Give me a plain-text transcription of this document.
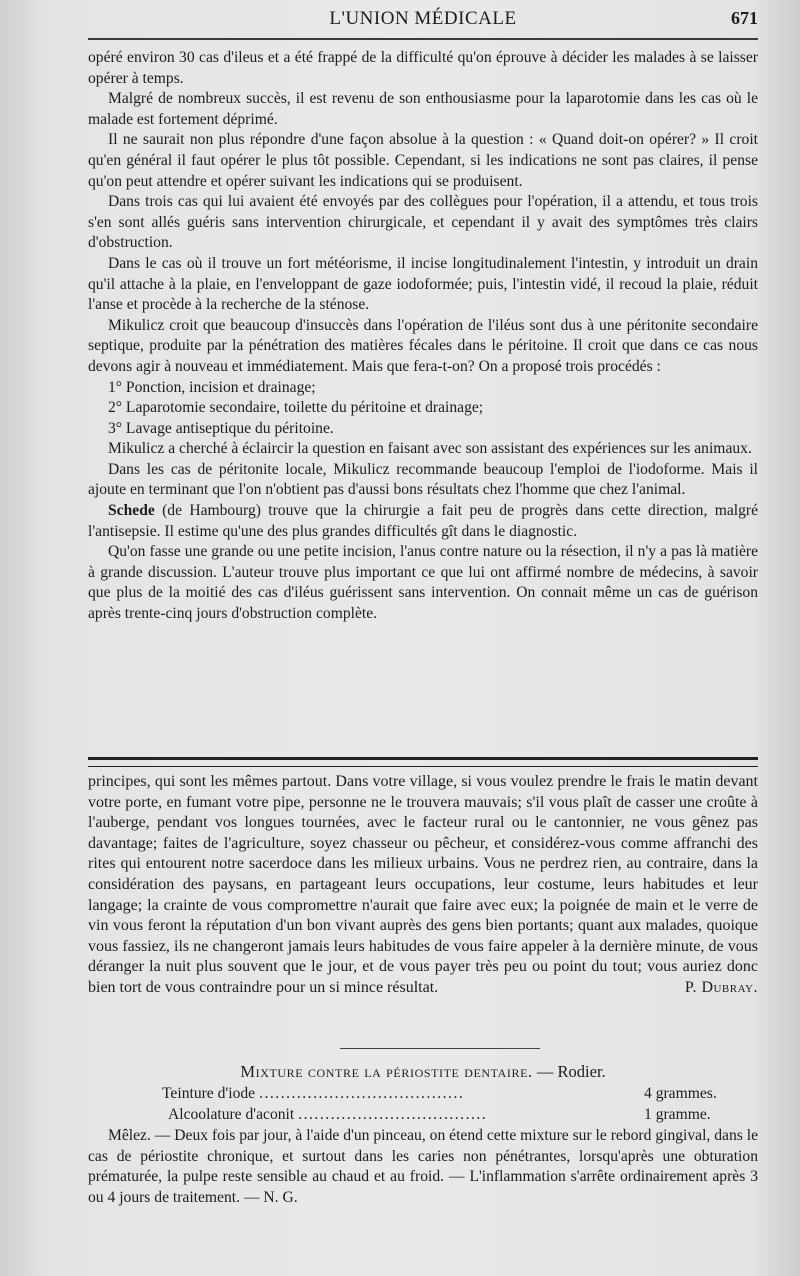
L'UNION MÉDICALE	671

opéré environ 30 cas d'ileus et a été frappé de la difficulté qu'on éprouve à décider les malades à se laisser opérer à temps.

Malgré de nombreux succès, il est revenu de son enthousiasme pour la laparotomie dans les cas où le malade est fortement déprimé.

Il ne saurait non plus répondre d'une façon absolue à la question : « Quand doit-on opérer? » Il croit qu'en général il faut opérer le plus tôt possible. Cependant, si les indications ne sont pas claires, il pense qu'on peut attendre et opérer suivant les indications qui se produisent.

Dans trois cas qui lui avaient été envoyés par des collègues pour l'opération, il a attendu, et tous trois s'en sont allés guéris sans intervention chirurgicale, et cependant il y avait des symptômes très clairs d'obstruction.

Dans le cas où il trouve un fort météorisme, il incise longitudinalement l'intestin, y introduit un drain qu'il attache à la plaie, en l'enveloppant de gaze iodoformée; puis, l'intestin vidé, il recoud la plaie, réduit l'anse et procède à la recherche de la sténose.

Mikulicz croit que beaucoup d'insuccès dans l'opération de l'iléus sont dus à une péritonite secondaire septique, produite par la pénétration des matières fécales dans le péritoine. Il croit que dans ce cas nous devons agir à nouveau et immédiatement. Mais que fera-t-on? On a proposé trois procédés :

1° Ponction, incision et drainage;

2° Laparotomie secondaire, toilette du péritoine et drainage;

3° Lavage antiseptique du péritoine.

Mikulicz a cherché à éclaircir la question en faisant avec son assistant des expériences sur les animaux.

Dans les cas de péritonite locale, Mikulicz recommande beaucoup l'emploi de l'iodoforme. Mais il ajoute en terminant que l'on n'obtient pas d'aussi bons résultats chez l'homme que chez l'animal.

Schede (de Hambourg) trouve que la chirurgie a fait peu de progrès dans cette direction, malgré l'antisepsie. Il estime qu'une des plus grandes difficultés gît dans le diagnostic.

Qu'on fasse une grande ou une petite incision, l'anus contre nature ou la résection, il n'y a pas là matière à grande discussion. L'auteur trouve plus important ce que lui ont affirmé nombre de médecins, à savoir que plus de la moitié des cas d'iléus guérissent sans intervention. On connait même un cas de guérison après trente-cinq jours d'obstruction complète.

principes, qui sont les mêmes partout. Dans votre village, si vous voulez prendre le frais le matin devant votre porte, en fumant votre pipe, personne ne le trouvera mauvais; s'il vous plaît de casser une croûte à l'auberge, pendant vos longues tournées, avec le facteur rural ou le cantonnier, ne vous gênez pas davantage; faites de l'agriculture, soyez chasseur ou pêcheur, et considérez-vous comme affranchi des rites qui entourent notre sacerdoce dans les milieux urbains. Vous ne perdrez rien, au contraire, dans la considération des paysans, en partageant leurs occupations, leur costume, leurs habitudes et leur langage; la crainte de vous compromettre n'aurait que faire avec eux; la poignée de main et le verre de vin vous feront la réputation d'un bon vivant auprès des gens bien portants; quant aux malades, quoique vous fassiez, ils ne changeront jamais leurs habitudes de vous faire appeler à la dernière minute, de vous déranger la nuit plus souvent que le jour, et de vous payer très peu ou point du tout; vous auriez donc bien tort de vous contraindre pour un si mince résultat.	P. Dubray.

Mixture contre la périostite dentaire. — Rodier.
Teinture d'iode ......................................	4 grammes.
Alcoolature d'aconit ...................................	1 gramme.

Mêlez. — Deux fois par jour, à l'aide d'un pinceau, on étend cette mixture sur le rebord gingival, dans le cas de périostite chronique, et surtout dans les caries non pénétrantes, lorsqu'après une obturation prématurée, la pulpe reste sensible au chaud et au froid. — L'inflammation s'arrête ordinairement après 3 ou 4 jours de traitement. — N. G.
